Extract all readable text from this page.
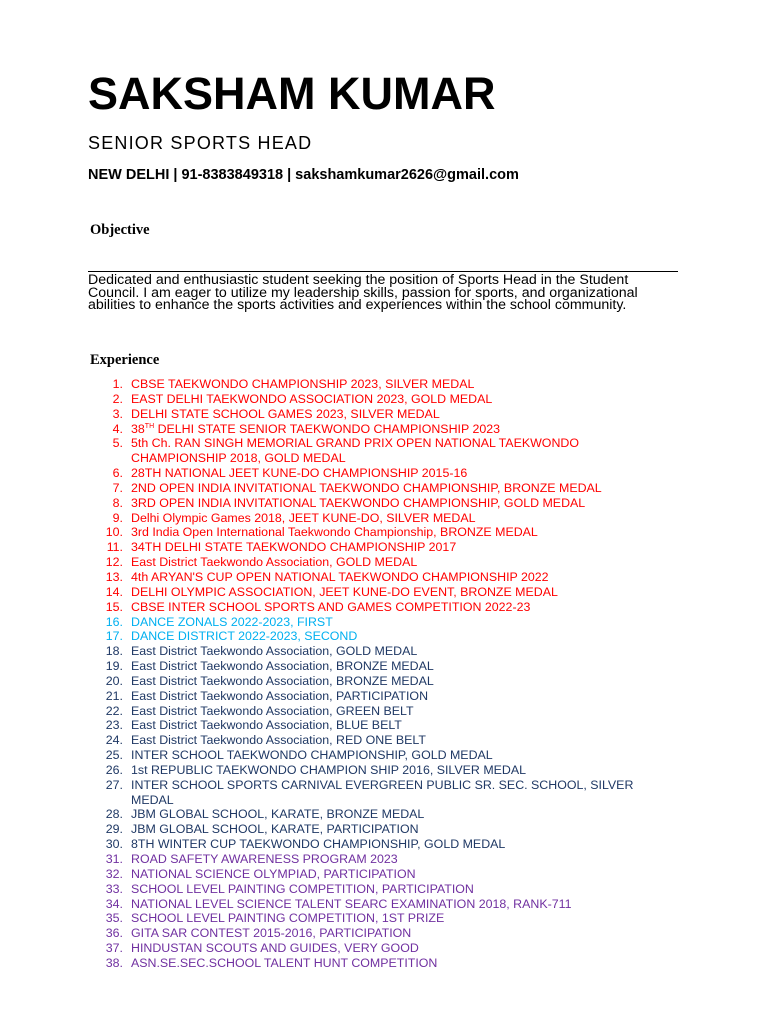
SAKSHAM KUMAR
SENIOR SPORTS HEAD
NEW DELHI | 91-8383849318 | sakshamkumar2626@gmail.com
Objective
Dedicated and enthusiastic student seeking the position of Sports Head in the Student Council. I am eager to utilize my leadership skills, passion for sports, and organizational abilities to enhance the sports activities and experiences within the school community.
Experience
1. CBSE TAEKWONDO CHAMPIONSHIP 2023, SILVER MEDAL
2. EAST DELHI TAEKWONDO ASSOCIATION 2023, GOLD MEDAL
3. DELHI STATE SCHOOL GAMES 2023, SILVER MEDAL
4. 38TH DELHI STATE SENIOR TAEKWONDO CHAMPIONSHIP 2023
5. 5th Ch. RAN SINGH MEMORIAL GRAND PRIX OPEN NATIONAL TAEKWONDO CHAMPIONSHIP 2018, GOLD MEDAL
6. 28TH NATIONAL JEET KUNE-DO CHAMPIONSHIP 2015-16
7. 2ND OPEN INDIA INVITATIONAL TAEKWONDO CHAMPIONSHIP, BRONZE MEDAL
8. 3RD OPEN INDIA INVITATIONAL TAEKWONDO CHAMPIONSHIP, GOLD MEDAL
9. Delhi Olympic Games 2018, JEET KUNE-DO, SILVER MEDAL
10. 3rd India Open International Taekwondo Championship, BRONZE MEDAL
11. 34TH DELHI STATE TAEKWONDO CHAMPIONSHIP 2017
12. East District Taekwondo Association, GOLD MEDAL
13. 4th ARYAN'S CUP OPEN NATIONAL TAEKWONDO CHAMPIONSHIP 2022
14. DELHI OLYMPIC ASSOCIATION, JEET KUNE-DO EVENT, BRONZE MEDAL
15. CBSE INTER SCHOOL SPORTS AND GAMES COMPETITION 2022-23
16. DANCE ZONALS 2022-2023, FIRST
17. DANCE DISTRICT 2022-2023, SECOND
18. East District Taekwondo Association, GOLD MEDAL
19. East District Taekwondo Association, BRONZE MEDAL
20. East District Taekwondo Association, BRONZE MEDAL
21. East District Taekwondo Association, PARTICIPATION
22. East District Taekwondo Association, GREEN BELT
23. East District Taekwondo Association, BLUE BELT
24. East District Taekwondo Association, RED ONE BELT
25. INTER SCHOOL TAEKWONDO CHAMPIONSHIP, GOLD MEDAL
26. 1st REPUBLIC TAEKWONDO CHAMPION SHIP 2016, SILVER MEDAL
27. INTER SCHOOL SPORTS CARNIVAL EVERGREEN PUBLIC SR. SEC. SCHOOL, SILVER MEDAL
28. JBM GLOBAL SCHOOL, KARATE, BRONZE MEDAL
29. JBM GLOBAL SCHOOL, KARATE, PARTICIPATION
30. 8TH WINTER CUP TAEKWONDO CHAMPIONSHIP, GOLD MEDAL
31. ROAD SAFETY AWARENESS PROGRAM 2023
32. NATIONAL SCIENCE OLYMPIAD, PARTICIPATION
33. SCHOOL LEVEL PAINTING COMPETITION, PARTICIPATION
34. NATIONAL LEVEL SCIENCE TALENT SEARC EXAMINATION 2018, RANK-711
35. SCHOOL LEVEL PAINTING COMPETITION, 1ST PRIZE
36. GITA SAR CONTEST 2015-2016, PARTICIPATION
37. HINDUSTAN SCOUTS AND GUIDES, VERY GOOD
38. ASN.SE.SEC.SCHOOL TALENT HUNT COMPETITION
